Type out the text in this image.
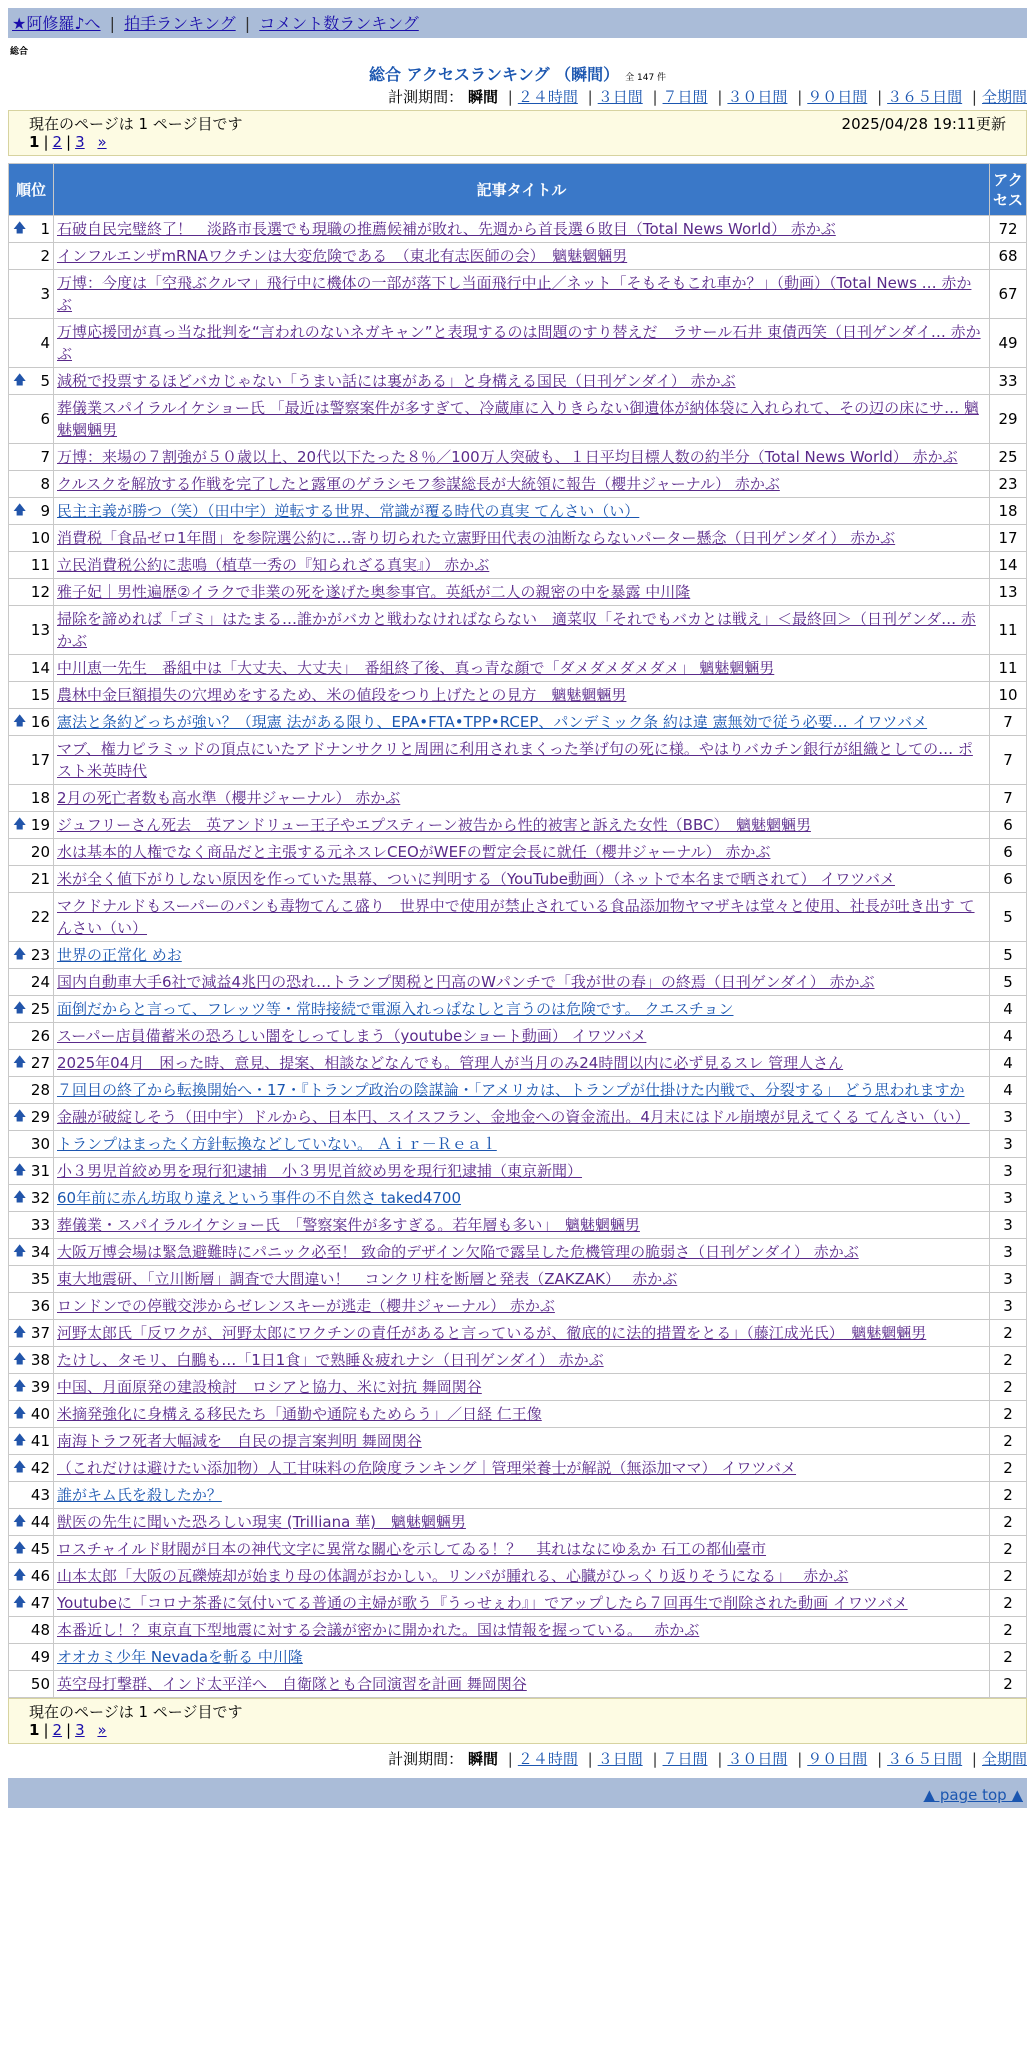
★阿修羅♪へ | 拍手ランキング | コメント数ランキング
総合
総合 アクセスランキング （瞬間） 全 147 件
計測期間： 瞬間 | ２４時間 | ３日間 | ７日間 | ３０日間 | ９０日間 | ３６５日間 | 全期間
現在のページは 1 ページ目です	2025/04/28 19:11更新
1 | 2 | 3 »
順位	記事タイトル	アクセス

🡅 1	石破自民完璧終了！　淡路市長選でも現職の推薦候補が敗れ、先週から首長選６敗目（Total News World） 赤かぶ	72
2	インフルエンザmRNAワクチンは大変危険である　（東北有志医師の会）　魑魅魍魎男	68
3	万博：今度は「空飛ぶクルマ」飛行中に機体の一部が落下し当面飛行中止／ネット「そもそもこれ車か？」（動画）（Total News … 赤かぶ	67
4	万博応援団が真っ当な批判を“言われのないネガキャン”と表現するのは問題のすり替えだ　ラサール石井 東債西笑（日刊ゲンダイ… 赤かぶ	49

🡅 5	減税で投票するほどバカじゃない「うまい話には裏がある」と身構える国民（日刊ゲンダイ） 赤かぶ	33
6	葬儀業スパイラルイケショー氏 「最近は警察案件が多すぎて、冷蔵庫に入りきらない御遺体が納体袋に入れられて、その辺の床にサ… 魑魅魍魎男	29
7	万博：来場の７割強が５０歳以上、20代以下たった８％／100万人突破も、１日平均目標人数の約半分（Total News World） 赤かぶ	25
8	クルスクを解放する作戦を完了したと露軍のゲラシモフ参謀総長が大統領に報告（櫻井ジャーナル） 赤かぶ	23

🡅 9	民主主義が勝つ（笑）（田中宇）逆転する世界、常識が覆る時代の真実 てんさい（い）	18
10	消費税「食品ゼロ1年間」を参院選公約に…寄り切られた立憲野田代表の油断ならないパーター懸念（日刊ゲンダイ） 赤かぶ	17
11	立民消費税公約に悲鳴（植草一秀の『知られざる真実』） 赤かぶ	14
12	雅子妃｜男性遍歴②イラクで非業の死を遂げた奥参事官。英紙が二人の親密の中を暴露 中川隆	13
13	掃除を諦めれば「ゴミ」はたまる…誰かがバカと戦わなければならない　適菜収「それでもバカとは戦え」＜最終回＞（日刊ゲンダ… 赤かぶ	11
14	中川恵一先生　番組中は「大丈夫、大丈夫」　番組終了後、真っ青な顔で「ダメダメダメダメ」 魑魅魍魎男	11
15	農林中金巨額損失の穴埋めをするため、米の値段をつり上げたとの見方　魑魅魍魎男	10

🡅 16	憲法と条約どっちが強い？（現憲 法がある限り、EPA•FTA•TPP•RCEP、パンデミック条 約は違 憲無効で従う必要… イワツバメ	7
17	マブ、権力ピラミッドの頂点にいたアドナンサクリと周囲に利用されまくった挙げ句の死に様。やはりバカチン銀行が組織としての… ポスト米英時代	7
18	2月の死亡者数も高水準（櫻井ジャーナル） 赤かぶ	7

🡅 19	ジュフリーさん死去　英アンドリュー王子やエプスティーン被告から性的被害と訴えた女性（BBC）　魑魅魍魎男	6
20	水は基本的人権でなく商品だと主張する元ネスレCEOがWEFの暫定会長に就任（櫻井ジャーナル） 赤かぶ	6
21	米が全く値下がりしない原因を作っていた黒幕、ついに判明する（YouTube動画）（ネットで本名まで晒されて） イワツバメ	6
22	マクドナルドもスーパーのパンも毒物てんこ盛り　世界中で使用が禁止されている食品添加物ヤマザキは堂々と使用、社長が吐き出す てんさい（い）	5

🡅 23	世界の正常化 めお	5
24	国内自動車大手6社で減益4兆円の恐れ…トランプ関税と円高のWパンチで「我が世の春」の終焉（日刊ゲンダイ） 赤かぶ	5

🡅 25	面倒だからと言って、フレッツ等・常時接続で電源入れっぱなしと言うのは危険です。 クエスチョン	4
26	スーパー店員備蓄米の恐ろしい闇をしってしまう（youtubeショート動画） イワツバメ	4

🡅 27	2025年04月　困った時、意見、提案、相談などなんでも。管理人が当月のみ24時間以内に必ず見るスレ 管理人さん	4
28	７回目の終了から転換開始へ・17・『トランプ政治の陰謀論・「アメリカは、トランプが仕掛けた内戦で、分裂する」 どう思われますか	4

🡅 29	金融が破綻しそう（田中宇）ドルから、日本円、スイスフラン、金地金への資金流出。4月末にはドル崩壊が見えてくる てんさい（い）	3
30	トランプはまったく方針転換などしていない。 Ａｉｒ－Ｒｅａｌ	3

🡅 31	小３男児首絞め男を現行犯逮捕　小３男児首絞め男を現行犯逮捕（東京新聞）	3

🡅 32	60年前に赤ん坊取り違えという事件の不自然さ taked4700	3
33	葬儀業・スパイラルイケショー氏　「警察案件が多すぎる。若年層も多い」　魑魅魍魎男	3

🡅 34	大阪万博会場は緊急避難時にパニック必至！ 致命的デザイン欠陥で露呈した危機管理の脆弱さ（日刊ゲンダイ） 赤かぶ	3
35	東大地震研、「立川断層」調査で大間違い！　コンクリ柱を断層と発表（ZAKZAK）　 赤かぶ	3
36	ロンドンでの停戦交渉からゼレンスキーが逃走（櫻井ジャーナル） 赤かぶ	3

🡅 37	河野太郎氏「反ワクが、河野太郎にワクチンの責任があると言っているが、徹底的に法的措置をとる」（藤江成光氏）　魑魅魍魎男	2

🡅 38	たけし、タモリ、白鵬も…「1日1食」で熟睡＆疲れナシ（日刊ゲンダイ） 赤かぶ	2

🡅 39	中国、月面原発の建設検討　ロシアと協力、米に対抗 舞岡関谷	2

🡅 40	米摘発強化に身構える移民たち「通勤や通院もためらう」／日経 仁王像	2

🡅 41	南海トラフ死者大幅減を　自民の提言案判明 舞岡関谷	2

🡅 42	（これだけは避けたい添加物）人工甘味料の危険度ランキング｜管理栄養士が解説（無添加ママ） イワツバメ	2
43	誰がキム氏を殺したか？	2

🡅 44	獣医の先生に聞いた恐ろしい現実 (Trilliana 華)　魑魅魍魎男	2

🡅 45	ロスチャイルド財閥が日本の神代文字に異常な關心を示してゐる！？　其れはなにゆゑか 石工の都仙臺市	2

🡅 46	山本太郎「大阪の瓦礫焼却が始まり母の体調がおかしい。リンパが腫れる、心臓がひっくり返りそうになる」　 赤かぶ	2

🡅 47	Youtubeに「コロナ茶番に気付いてる普通の主婦が歌う『うっせぇわ』」でアップしたら７回再生で削除された動画 イワツバメ	2
48	本番近し！？東京直下型地震に対する会議が密かに開かれた。国は情報を握っている。　 赤かぶ	2
49	オオカミ少年 Nevadaを斬る 中川隆	2
50	英空母打撃群、インド太平洋へ　自衛隊とも合同演習を計画 舞岡関谷	2
現在のページは 1 ページ目です
1 | 2 | 3 »
計測期間： 瞬間 | ２４時間 | ３日間 | ７日間 | ３０日間 | ９０日間 | ３６５日間 | 全期間
▲ page top ▲
